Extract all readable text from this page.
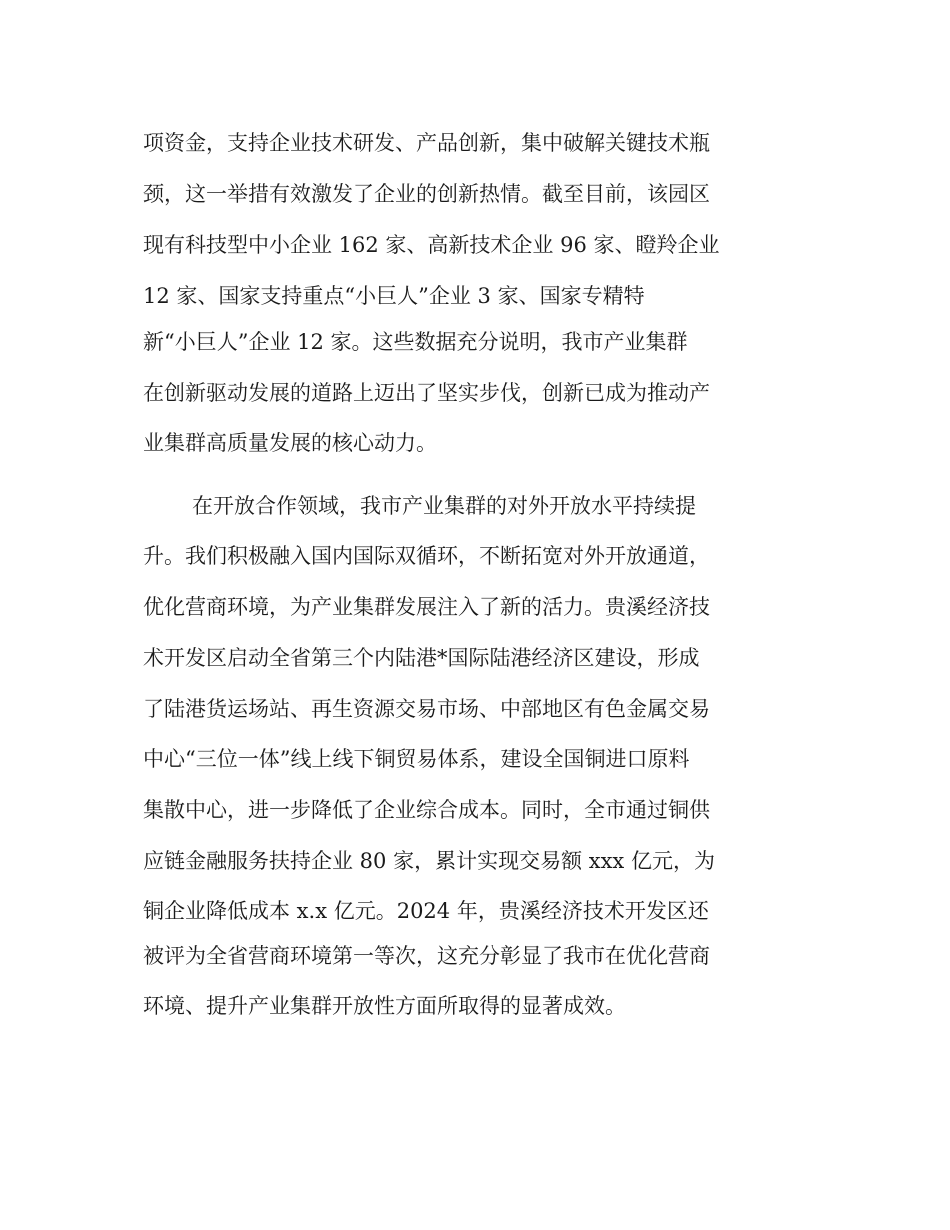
项资金，支持企业技术研发、产品创新，集中破解关键技术瓶
颈，这一举措有效激发了企业的创新热情。截至目前，该园区
现有科技型中小企业 162 家、高新技术企业 96 家、瞪羚企业
12 家、国家支持重点“小巨人”企业 3 家、国家专精特
新“小巨人”企业 12 家。这些数据充分说明，我市产业集群
在创新驱动发展的道路上迈出了坚实步伐，创新已成为推动产
业集群高质量发展的核心动力。
在开放合作领域，我市产业集群的对外开放水平持续提
升。我们积极融入国内国际双循环，不断拓宽对外开放通道，
优化营商环境，为产业集群发展注入了新的活力。贵溪经济技
术开发区启动全省第三个内陆港*国际陆港经济区建设，形成
了陆港货运场站、再生资源交易市场、中部地区有色金属交易
中心“三位一体”线上线下铜贸易体系，建设全国铜进口原料
集散中心，进一步降低了企业综合成本。同时，全市通过铜供
应链金融服务扶持企业 80 家，累计实现交易额 xxx 亿元，为
铜企业降低成本 x.x 亿元。2024 年，贵溪经济技术开发区还
被评为全省营商环境第一等次，这充分彰显了我市在优化营商
环境、提升产业集群开放性方面所取得的显著成效。
